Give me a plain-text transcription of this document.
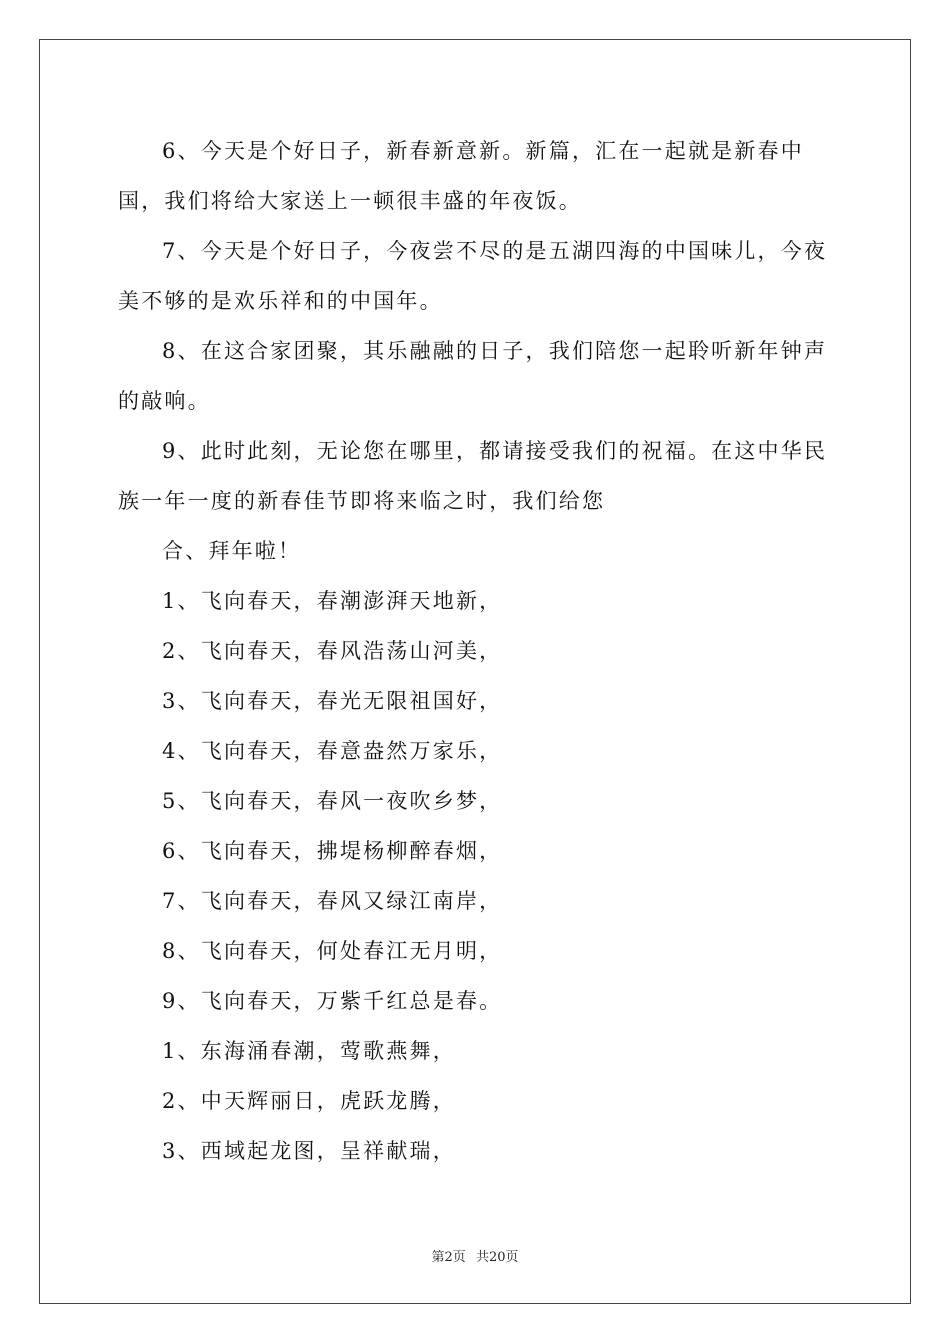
6、今天是个好日子，新春新意新。新篇，汇在一起就是新春中国，我们将给大家送上一顿很丰盛的年夜饭。

7、今天是个好日子，今夜尝不尽的是五湖四海的中国味儿，今夜美不够的是欢乐祥和的中国年。

8、在这合家团聚，其乐融融的日子，我们陪您一起聆听新年钟声的敲响。

9、此时此刻，无论您在哪里，都请接受我们的祝福。在这中华民族一年一度的新春佳节即将来临之时，我们给您

合、拜年啦！

1、飞向春天，春潮澎湃天地新，

2、飞向春天，春风浩荡山河美，

3、飞向春天，春光无限祖国好，

4、飞向春天，春意盎然万家乐，

5、飞向春天，春风一夜吹乡梦，

6、飞向春天，拂堤杨柳醉春烟，

7、飞向春天，春风又绿江南岸，

8、飞向春天，何处春江无月明，

9、飞向春天，万紫千红总是春。

1、东海涌春潮，莺歌燕舞，

2、中天辉丽日，虎跃龙腾，

3、西域起龙图，呈祥献瑞，

第2页 共20页
